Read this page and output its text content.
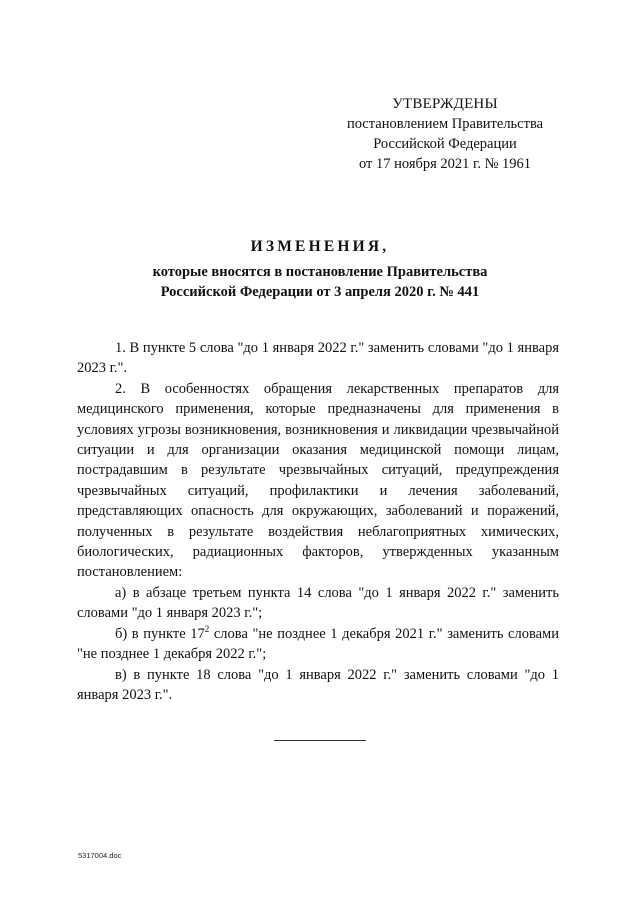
УТВЕРЖДЕНЫ
постановлением Правительства
Российской Федерации
от 17 ноября 2021 г. № 1961
ИЗМЕНЕНИЯ,
которые вносятся в постановление Правительства
Российской Федерации от 3 апреля 2020 г. № 441

1. В пункте 5 слова "до 1 января 2022 г." заменить словами "до 1 января 2023 г.".

2. В особенностях обращения лекарственных препаратов для медицинского применения, которые предназначены для применения в условиях угрозы возникновения, возникновения и ликвидации чрезвычайной ситуации и для организации оказания медицинской помощи лицам, пострадавшим в результате чрезвычайных ситуаций, предупреждения чрезвычайных ситуаций, профилактики и лечения заболеваний, представляющих опасность для окружающих, заболеваний и поражений, полученных в результате воздействия неблагоприятных химических, биологических, радиационных факторов, утвержденных указанным постановлением:

а) в абзаце третьем пункта 14 слова "до 1 января 2022 г." заменить словами "до 1 января 2023 г.";

б) в пункте $17^2$ слова "не позднее 1 декабря 2021 г." заменить словами "не позднее 1 декабря 2022 г.";

в) в пункте 18 слова "до 1 января 2022 г." заменить словами "до 1 января 2023 г.".

5317004.doc
